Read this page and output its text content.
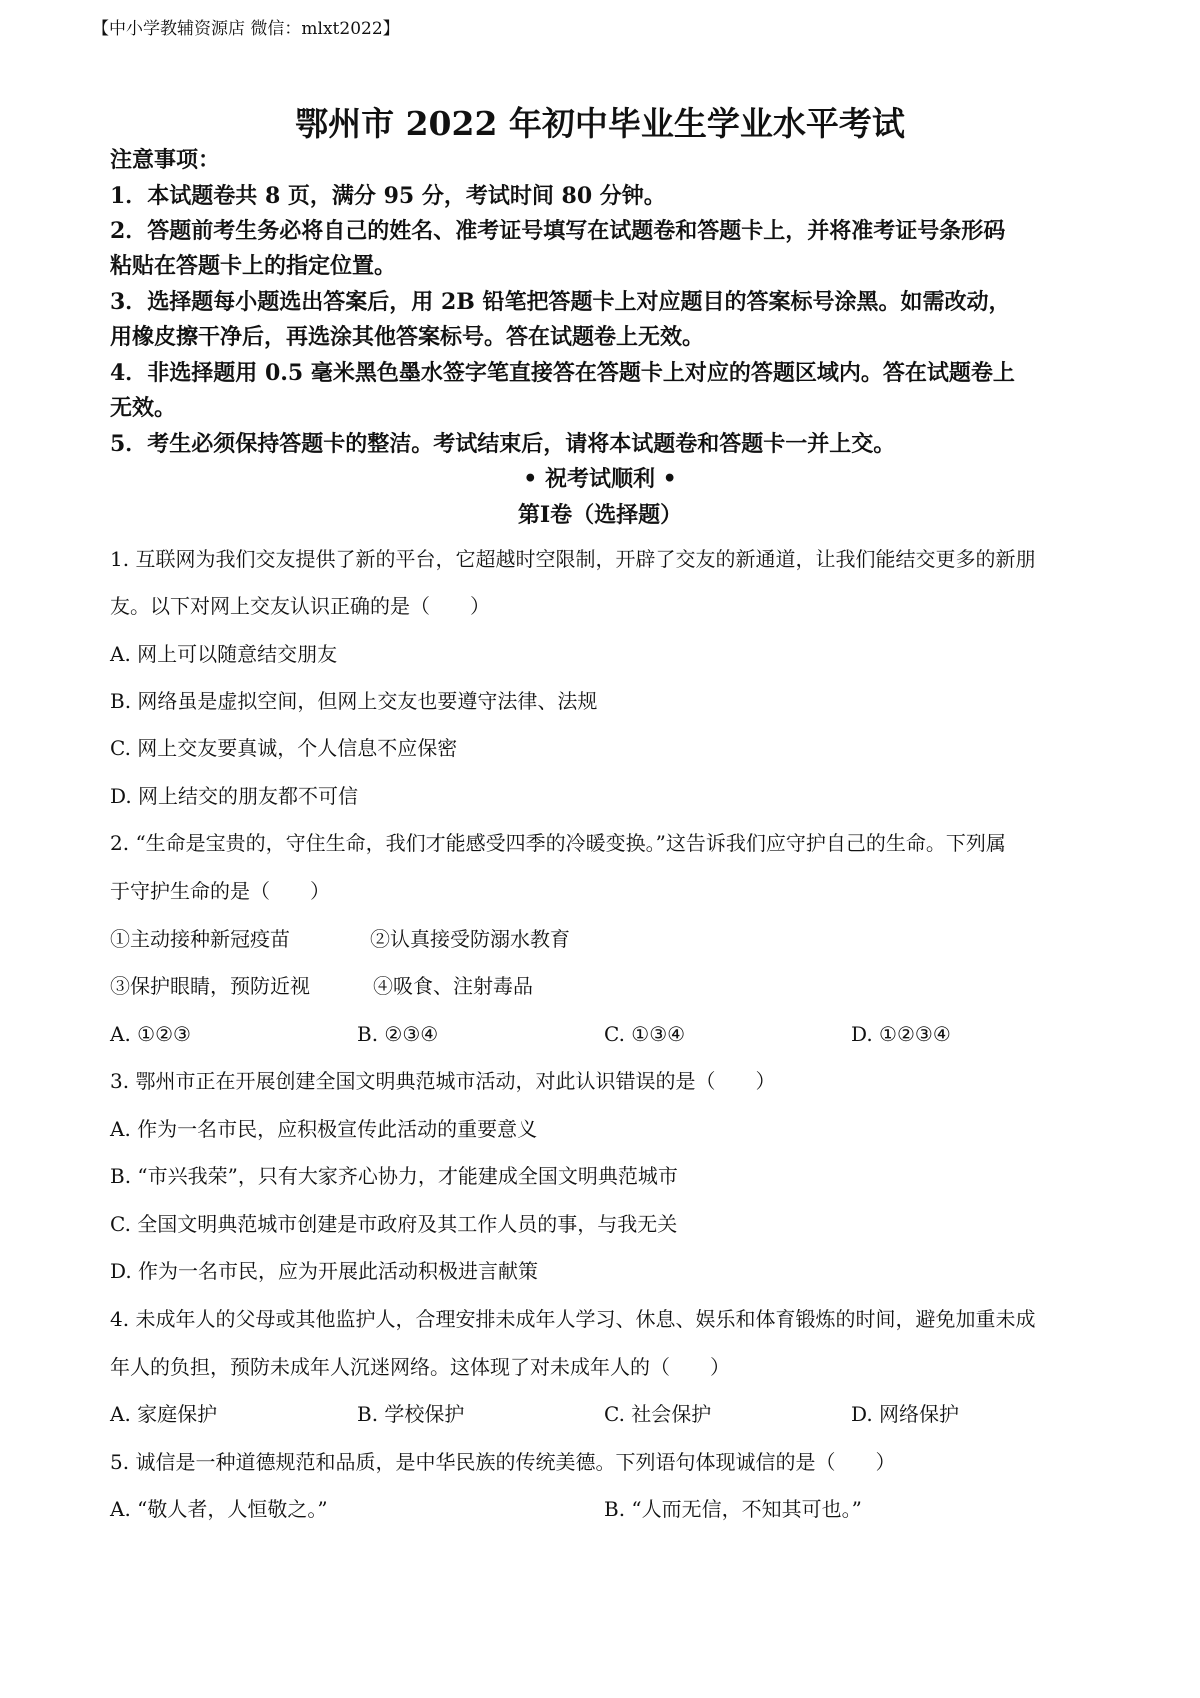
【中小学教辅资源店 微信：mlxt2022】
鄂州市 2022 年初中毕业生学业水平考试
注意事项：
1．本试题卷共 8 页，满分 95 分，考试时间 80 分钟。
2．答题前考生务必将自己的姓名、准考证号填写在试题卷和答题卡上，并将准考证号条形码
粘贴在答题卡上的指定位置。
3．选择题每小题选出答案后，用 2B 铅笔把答题卡上对应题目的答案标号涂黑。如需改动，
用橡皮擦干净后，再选涂其他答案标号。答在试题卷上无效。
4．非选择题用 0.5 毫米黑色墨水签字笔直接答在答题卡上对应的答题区域内。答在试题卷上
无效。
5．考生必须保持答题卡的整洁。考试结束后，请将本试题卷和答题卡一并上交。
• 祝考试顺利 •
第Ⅰ卷（选择题）
1. 互联网为我们交友提供了新的平台，它超越时空限制，开辟了交友的新通道，让我们能结交更多的新朋
友。以下对网上交友认识正确的是（　　）
A. 网上可以随意结交朋友
B. 网络虽是虚拟空间，但网上交友也要遵守法律、法规
C. 网上交友要真诚，个人信息不应保密
D. 网上结交的朋友都不可信
2. “生命是宝贵的，守住生命，我们才能感受四季的冷暖变换。”这告诉我们应守护自己的生命。下列属
于守护生命的是（　　）
①主动接种新冠疫苗	②认真接受防溺水教育
③保护眼睛，预防近视	④吸食、注射毒品
A. ①②③	B. ②③④	C. ①③④	D. ①②③④
3. 鄂州市正在开展创建全国文明典范城市活动，对此认识错误的是（　　）
A. 作为一名市民，应积极宣传此活动的重要意义
B. “市兴我荣”，只有大家齐心协力，才能建成全国文明典范城市
C. 全国文明典范城市创建是市政府及其工作人员的事，与我无关
D. 作为一名市民，应为开展此活动积极进言献策
4. 未成年人的父母或其他监护人，合理安排未成年人学习、休息、娱乐和体育锻炼的时间，避免加重未成
年人的负担，预防未成年人沉迷网络。这体现了对未成年人的（　　）
A. 家庭保护	B. 学校保护	C. 社会保护	D. 网络保护
5. 诚信是一种道德规范和品质，是中华民族的传统美德。下列语句体现诚信的是（　　）
A. “敬人者，人恒敬之。”	B. “人而无信，不知其可也。”
